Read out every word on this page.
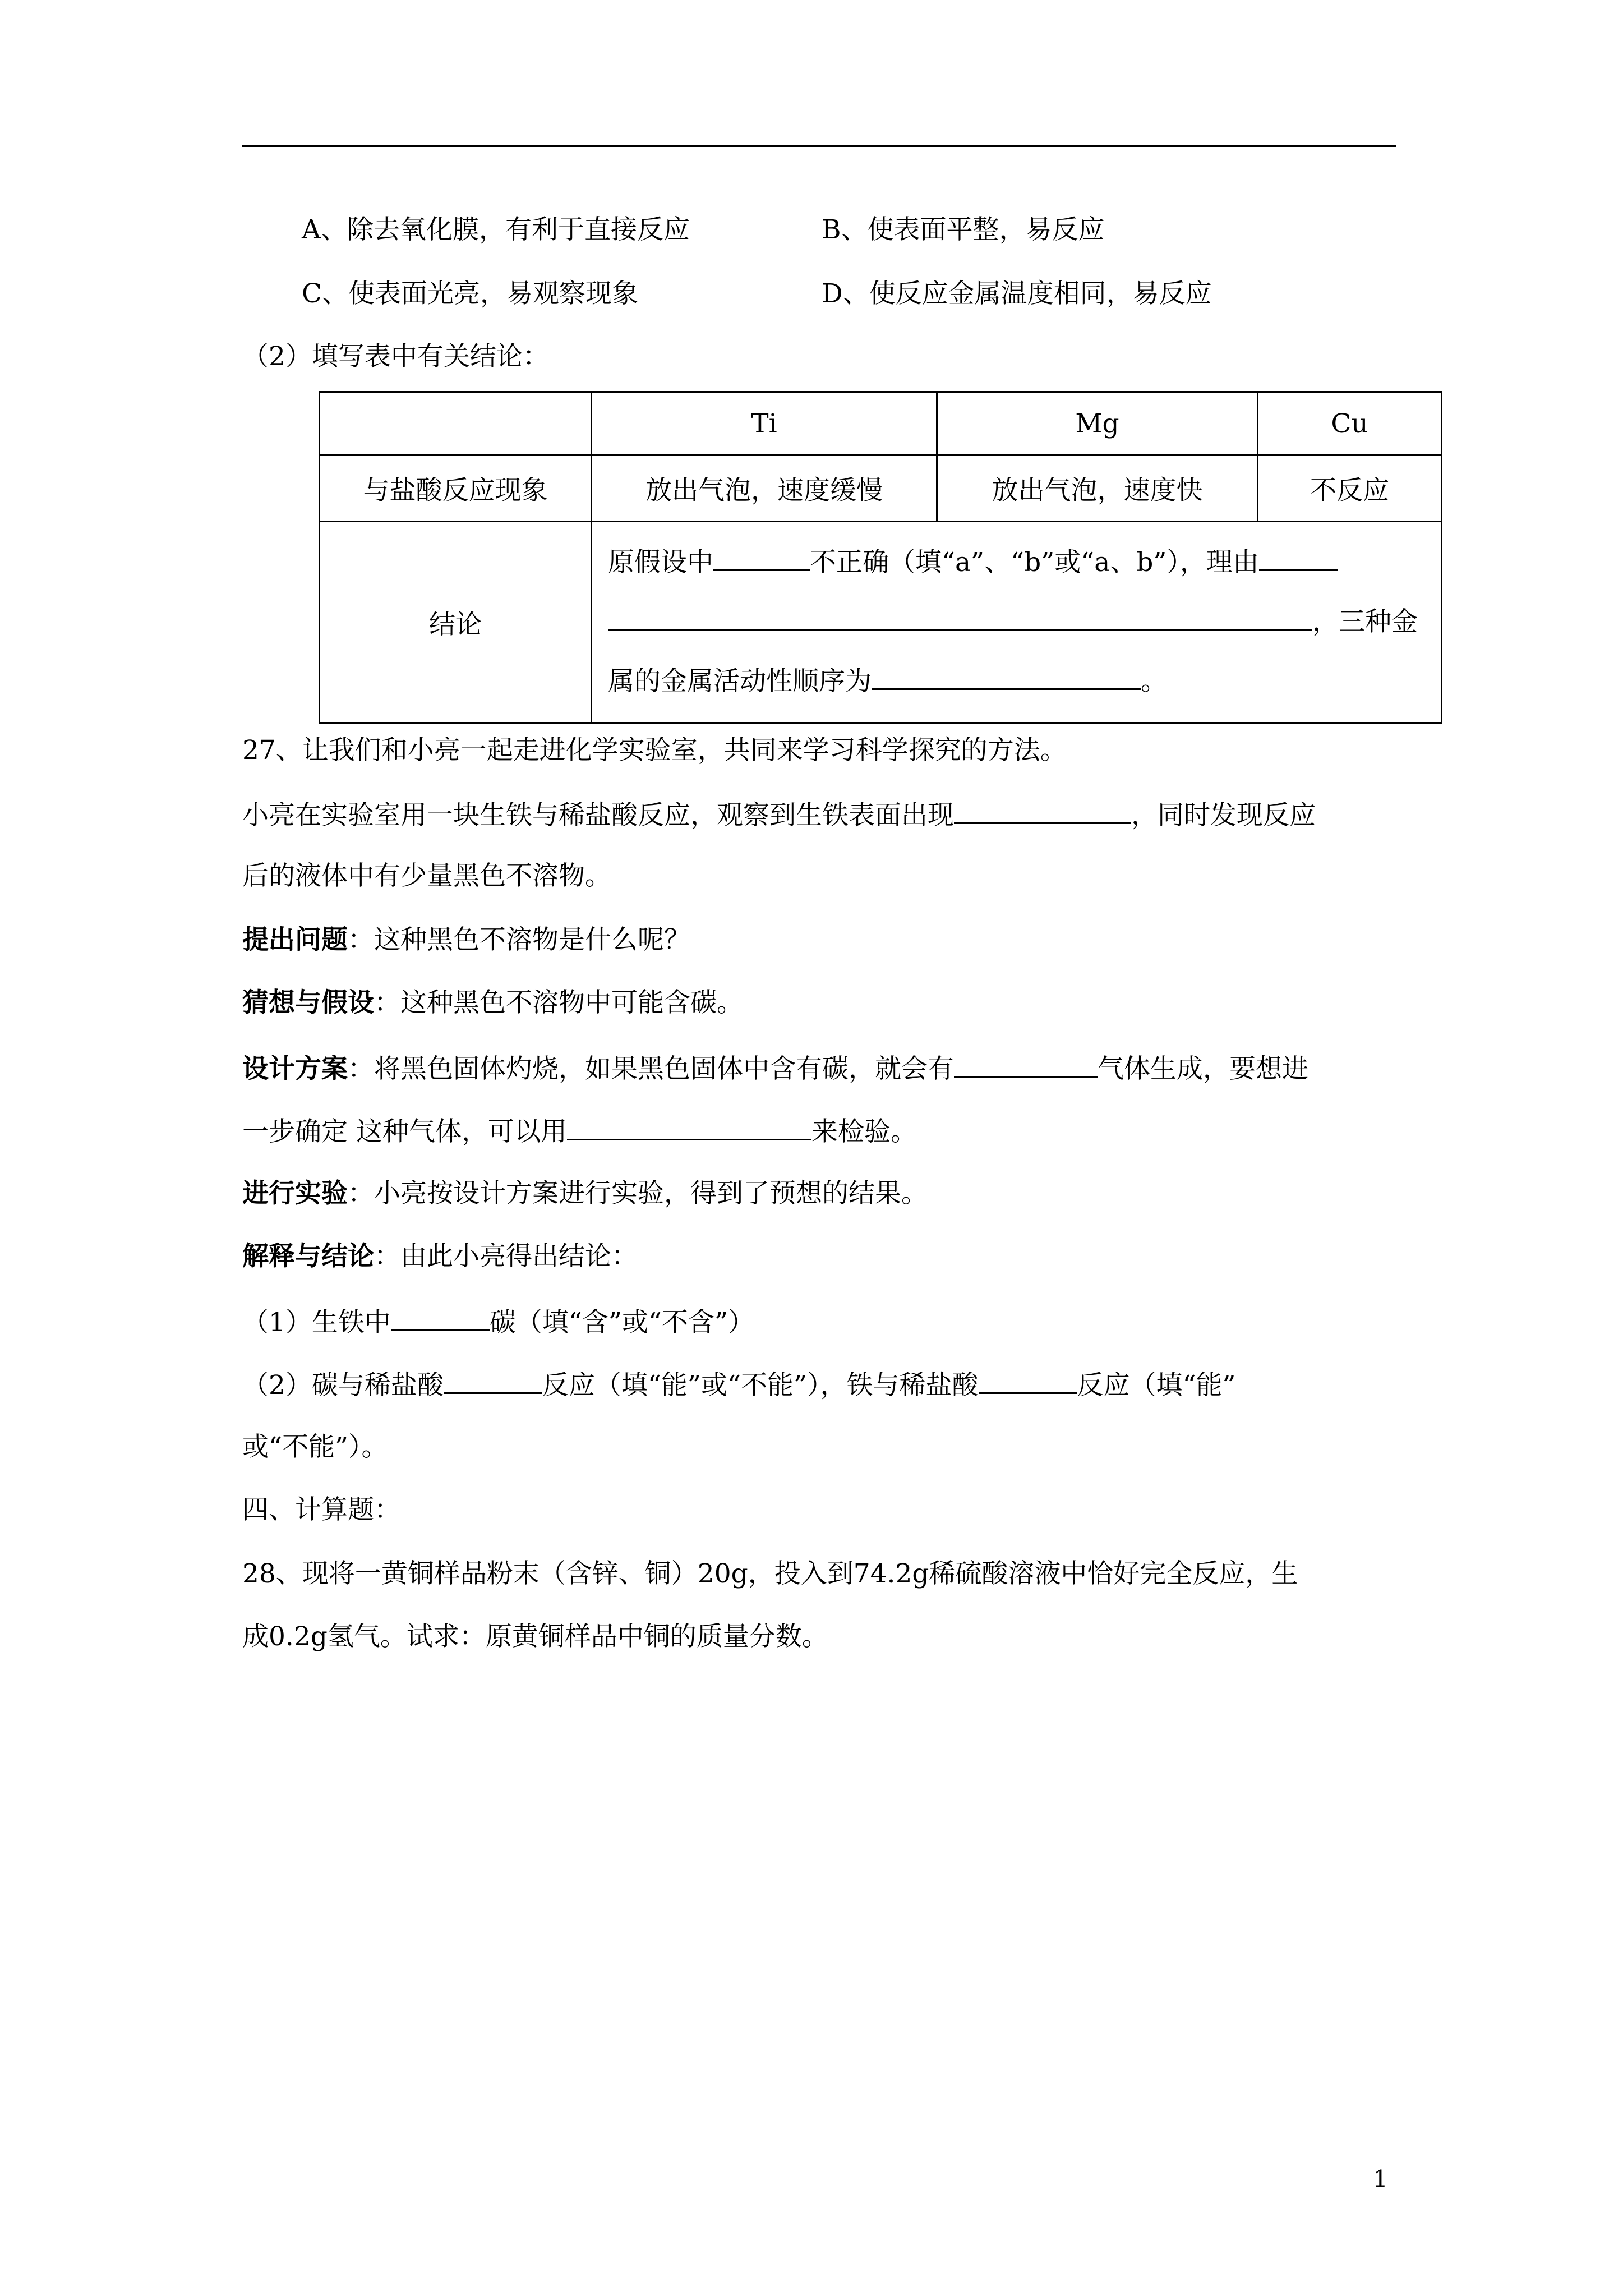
A、除去氧化膜，有利于直接反应	B、使表面平整，易反应
C、使表面光亮，易观察现象	D、使反应金属温度相同，易反应
（2）填写表中有关结论：
	Ti	Mg	Cu
与盐酸反应现象	放出气泡，速度缓慢	放出气泡，速度快	不反应
结论	原假设中 不正确（填“a”、“b”或“a、b”），理由
，三种金
属的金属活动性顺序为 。		
27、让我们和小亮一起走进化学实验室，共同来学习科学探究的方法。
小亮在实验室用一块生铁与稀盐酸反应，观察到生铁表面出现	，同时发现反应
后的液体中有少量黑色不溶物。
提出问题：这种黑色不溶物是什么呢？
猜想与假设：这种黑色不溶物中可能含碳。
设计方案：将黑色固体灼烧，如果黑色固体中含有碳，就会有	气体生成，要想进
一步确定 这种气体，可以用	来检验。
进行实验：小亮按设计方案进行实验，得到了预想的结果。
解释与结论：由此小亮得出结论：
（1）生铁中	碳（填“含”或“不含”）
（2）碳与稀盐酸	反应（填“能”或“不能”），铁与稀盐酸	反应（填“能”
或“不能”）。
四、计算题：
28、现将一黄铜样品粉末（含锌、铜）20g，投入到74.2g稀硫酸溶液中恰好完全反应，生
成0.2g氢气。试求：原黄铜样品中铜的质量分数。
1
